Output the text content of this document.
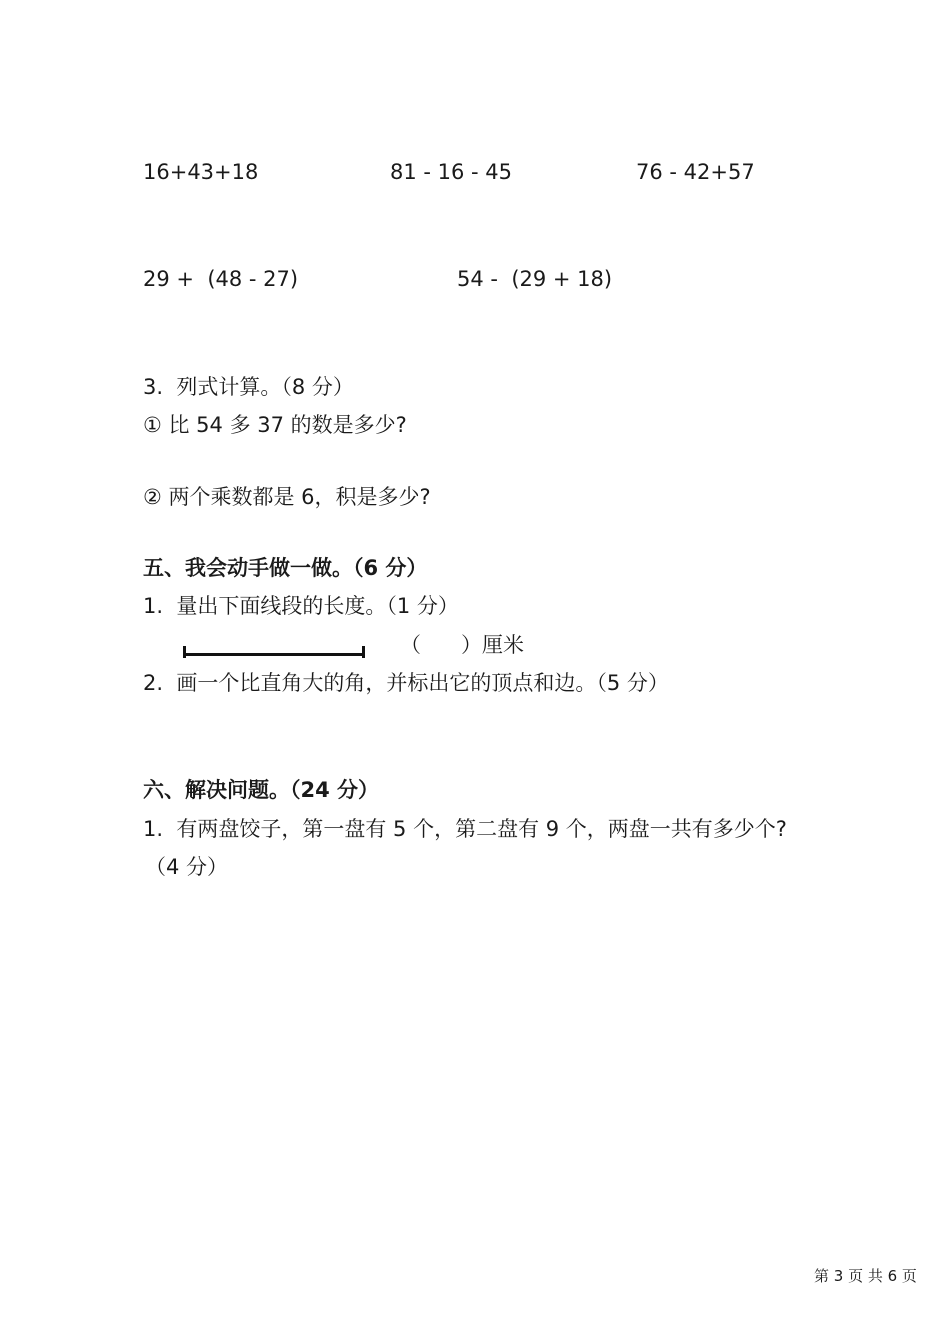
16+43+18	81 - 16 - 45	76 - 42+57
29 +  (48 - 27)	54 -  (29 + 18)
3.  列式计算。（8 分）
① 比 54 多 37 的数是多少?
② 两个乘数都是 6，积是多少?
五、我会动手做一做。（6 分）
1.  量出下面线段的长度。（1 分）
（      ）厘米
2.  画一个比直角大的角，并标出它的顶点和边。（5 分）
六、解决问题。（24 分）
1.  有两盘饺子，第一盘有 5 个，第二盘有 9 个，两盘一共有多少个?
（4 分）
第 3 页 共 6 页
